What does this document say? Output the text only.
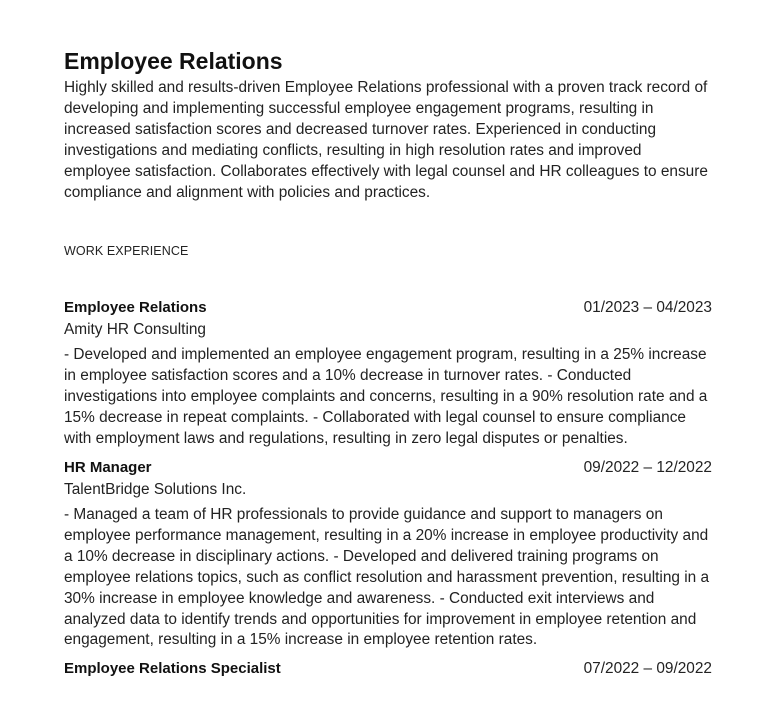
Employee Relations

Highly skilled and results-driven Employee Relations professional with a proven track record of developing and implementing successful employee engagement programs, resulting in increased satisfaction scores and decreased turnover rates. Experienced in conducting investigations and mediating conflicts, resulting in high resolution rates and improved employee satisfaction. Collaborates effectively with legal counsel and HR colleagues to ensure compliance and alignment with policies and practices.

WORK EXPERIENCE
Employee Relations	01/2023 – 04/2023
Amity HR Consulting
- Developed and implemented an employee engagement program, resulting in a 25% increase in employee satisfaction scores and a 10% decrease in turnover rates. - Conducted investigations into employee complaints and concerns, resulting in a 90% resolution rate and a 15% decrease in repeat complaints. - Collaborated with legal counsel to ensure compliance with employment laws and regulations, resulting in zero legal disputes or penalties.
HR Manager	09/2022 – 12/2022
TalentBridge Solutions Inc.
- Managed a team of HR professionals to provide guidance and support to managers on employee performance management, resulting in a 20% increase in employee productivity and a 10% decrease in disciplinary actions. - Developed and delivered training programs on employee relations topics, such as conflict resolution and harassment prevention, resulting in a 30% increase in employee knowledge and awareness. - Conducted exit interviews and analyzed data to identify trends and opportunities for improvement in employee retention and engagement, resulting in a 15% increase in employee retention rates.
Employee Relations Specialist	07/2022 – 09/2022
